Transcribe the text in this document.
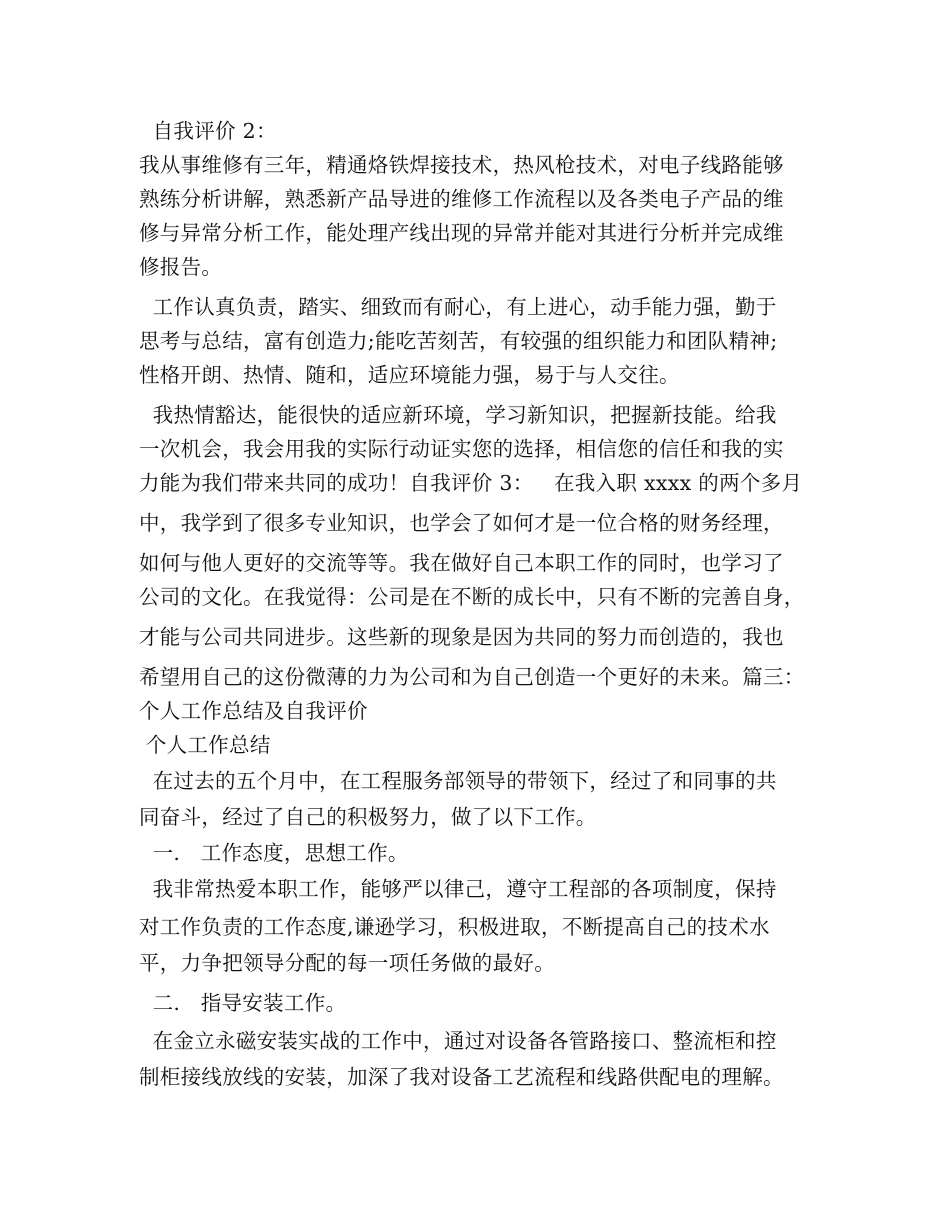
自我评价 2：
我从事维修有三年，精通烙铁焊接技术，热风枪技术，对电子线路能够
熟练分析讲解，熟悉新产品导进的维修工作流程以及各类电子产品的维
修与异常分析工作，能处理产线出现的异常并能对其进行分析并完成维
修报告。
工作认真负责，踏实、细致而有耐心，有上进心，动手能力强，勤于
思考与总结，富有创造力;能吃苦刻苦，有较强的组织能力和团队精神;
性格开朗、热情、随和，适应环境能力强，易于与人交往。
我热情豁达，能很快的适应新环境，学习新知识，把握新技能。给我
一次机会，我会用我的实际行动证实您的选择，相信您的信任和我的实
力能为我们带来共同的成功！自我评价 3：   在我入职 xxxx 的两个多月
中，我学到了很多专业知识，也学会了如何才是一位合格的财务经理，
如何与他人更好的交流等等。我在做好自己本职工作的同时，也学习了
公司的文化。在我觉得：公司是在不断的成长中，只有不断的完善自身，
才能与公司共同进步。这些新的现象是因为共同的努力而创造的，我也
希望用自己的这份微薄的力为公司和为自己创造一个更好的未来。篇三：
个人工作总结及自我评价
个人工作总结
在过去的五个月中，在工程服务部领导的带领下，经过了和同事的共
同奋斗，经过了自己的积极努力，做了以下工作。
一.   工作态度，思想工作。
我非常热爱本职工作，能够严以律己，遵守工程部的各项制度，保持
对工作负责的工作态度,谦逊学习，积极进取，不断提高自己的技术水
平，力争把领导分配的每一项任务做的最好。
二.   指导安装工作。
在金立永磁安装实战的工作中，通过对设备各管路接口、整流柜和控
制柜接线放线的安装，加深了我对设备工艺流程和线路供配电的理解。
